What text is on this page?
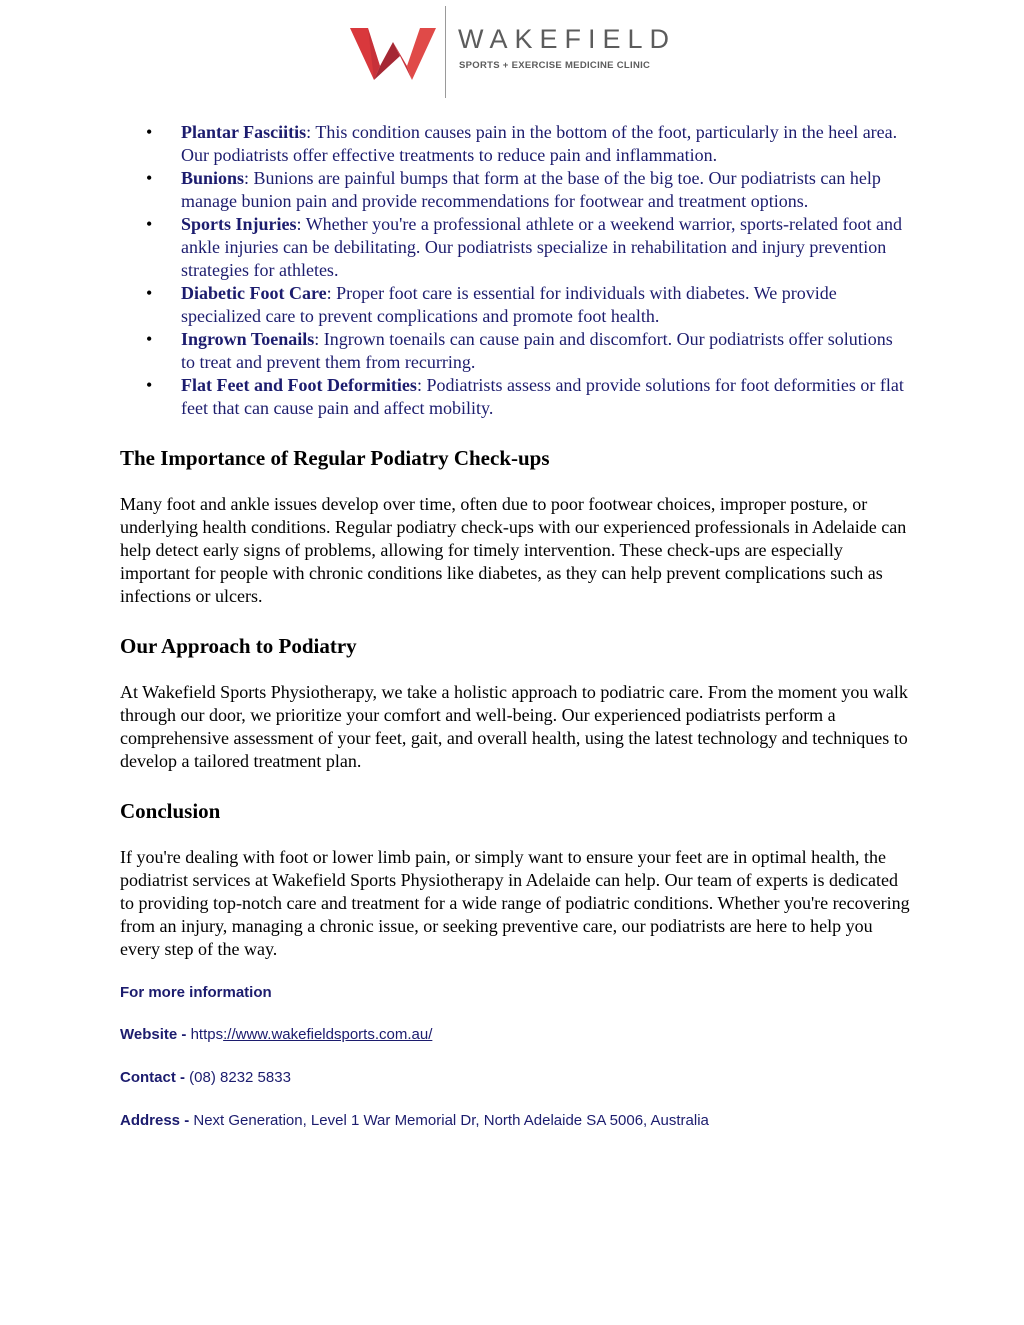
WAKEFIELD
SPORTS + EXERCISE MEDICINE CLINIC
• Plantar Fasciitis: This condition causes pain in the bottom of the foot, particularly in the heel area. Our podiatrists offer effective treatments to reduce pain and inflammation.
• Bunions: Bunions are painful bumps that form at the base of the big toe. Our podiatrists can help manage bunion pain and provide recommendations for footwear and treatment options.
• Sports Injuries: Whether you're a professional athlete or a weekend warrior, sports-related foot and ankle injuries can be debilitating. Our podiatrists specialize in rehabilitation and injury prevention strategies for athletes.
• Diabetic Foot Care: Proper foot care is essential for individuals with diabetes. We provide specialized care to prevent complications and promote foot health.
• Ingrown Toenails: Ingrown toenails can cause pain and discomfort. Our podiatrists offer solutions to treat and prevent them from recurring.
• Flat Feet and Foot Deformities: Podiatrists assess and provide solutions for foot deformities or flat feet that can cause pain and affect mobility.
The Importance of Regular Podiatry Check-ups

Many foot and ankle issues develop over time, often due to poor footwear choices, improper posture, or underlying health conditions. Regular podiatry check-ups with our experienced professionals in Adelaide can help detect early signs of problems, allowing for timely intervention. These check-ups are especially important for people with chronic conditions like diabetes, as they can help prevent complications such as infections or ulcers.

Our Approach to Podiatry

At Wakefield Sports Physiotherapy, we take a holistic approach to podiatric care. From the moment you walk through our door, we prioritize your comfort and well-being. Our experienced podiatrists perform a comprehensive assessment of your feet, gait, and overall health, using the latest technology and techniques to develop a tailored treatment plan.

Conclusion

If you're dealing with foot or lower limb pain, or simply want to ensure your feet are in optimal health, the podiatrist services at Wakefield Sports Physiotherapy in Adelaide can help. Our team of experts is dedicated to providing top-notch care and treatment for a wide range of podiatric conditions. Whether you're recovering from an injury, managing a chronic issue, or seeking preventive care, our podiatrists are here to help you every step of the way.

For more information
Website - https://www.wakefieldsports.com.au/
Contact - (08) 8232 5833
Address - Next Generation, Level 1 War Memorial Dr, North Adelaide SA 5006, Australia
